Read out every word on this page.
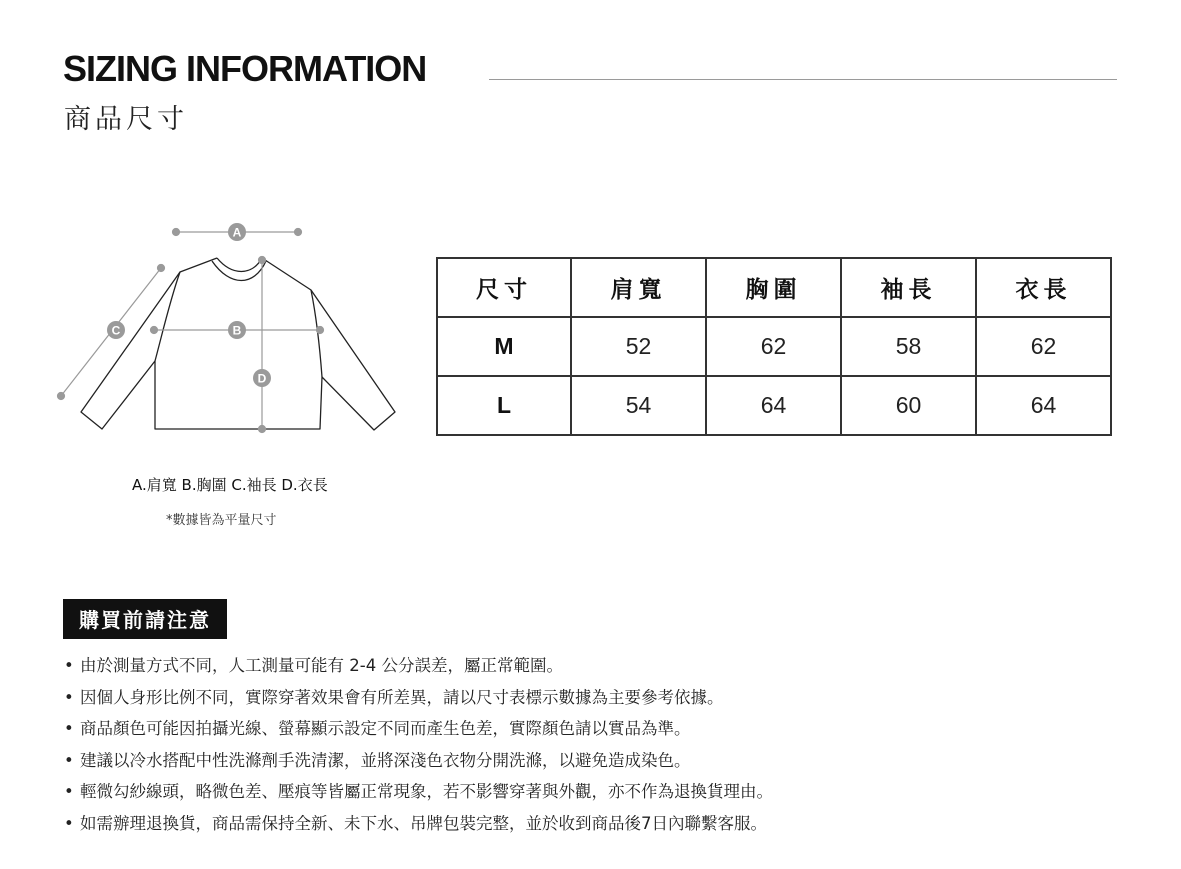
SIZING INFORMATION
商品尺寸
A
B
C
D
A.肩寬 B.胸圍 C.袖長 D.衣長
*數據皆為平量尺寸
尺寸	肩寬	胸圍	袖長	衣長
M	52	62	58	62
L	54	64	60	64
購買前請注意
• 由於測量方式不同，人工測量可能有 2-4 公分誤差，屬正常範圍。
• 因個人身形比例不同，實際穿著效果會有所差異，請以尺寸表標示數據為主要參考依據。
• 商品顏色可能因拍攝光線、螢幕顯示設定不同而產生色差，實際顏色請以實品為準。
• 建議以冷水搭配中性洗滌劑手洗清潔，並將深淺色衣物分開洗滌，以避免造成染色。
• 輕微勾紗線頭，略微色差、壓痕等皆屬正常現象，若不影響穿著與外觀，亦不作為退換貨理由。
• 如需辦理退換貨，商品需保持全新、未下水、吊牌包裝完整，並於收到商品後7日內聯繫客服。
